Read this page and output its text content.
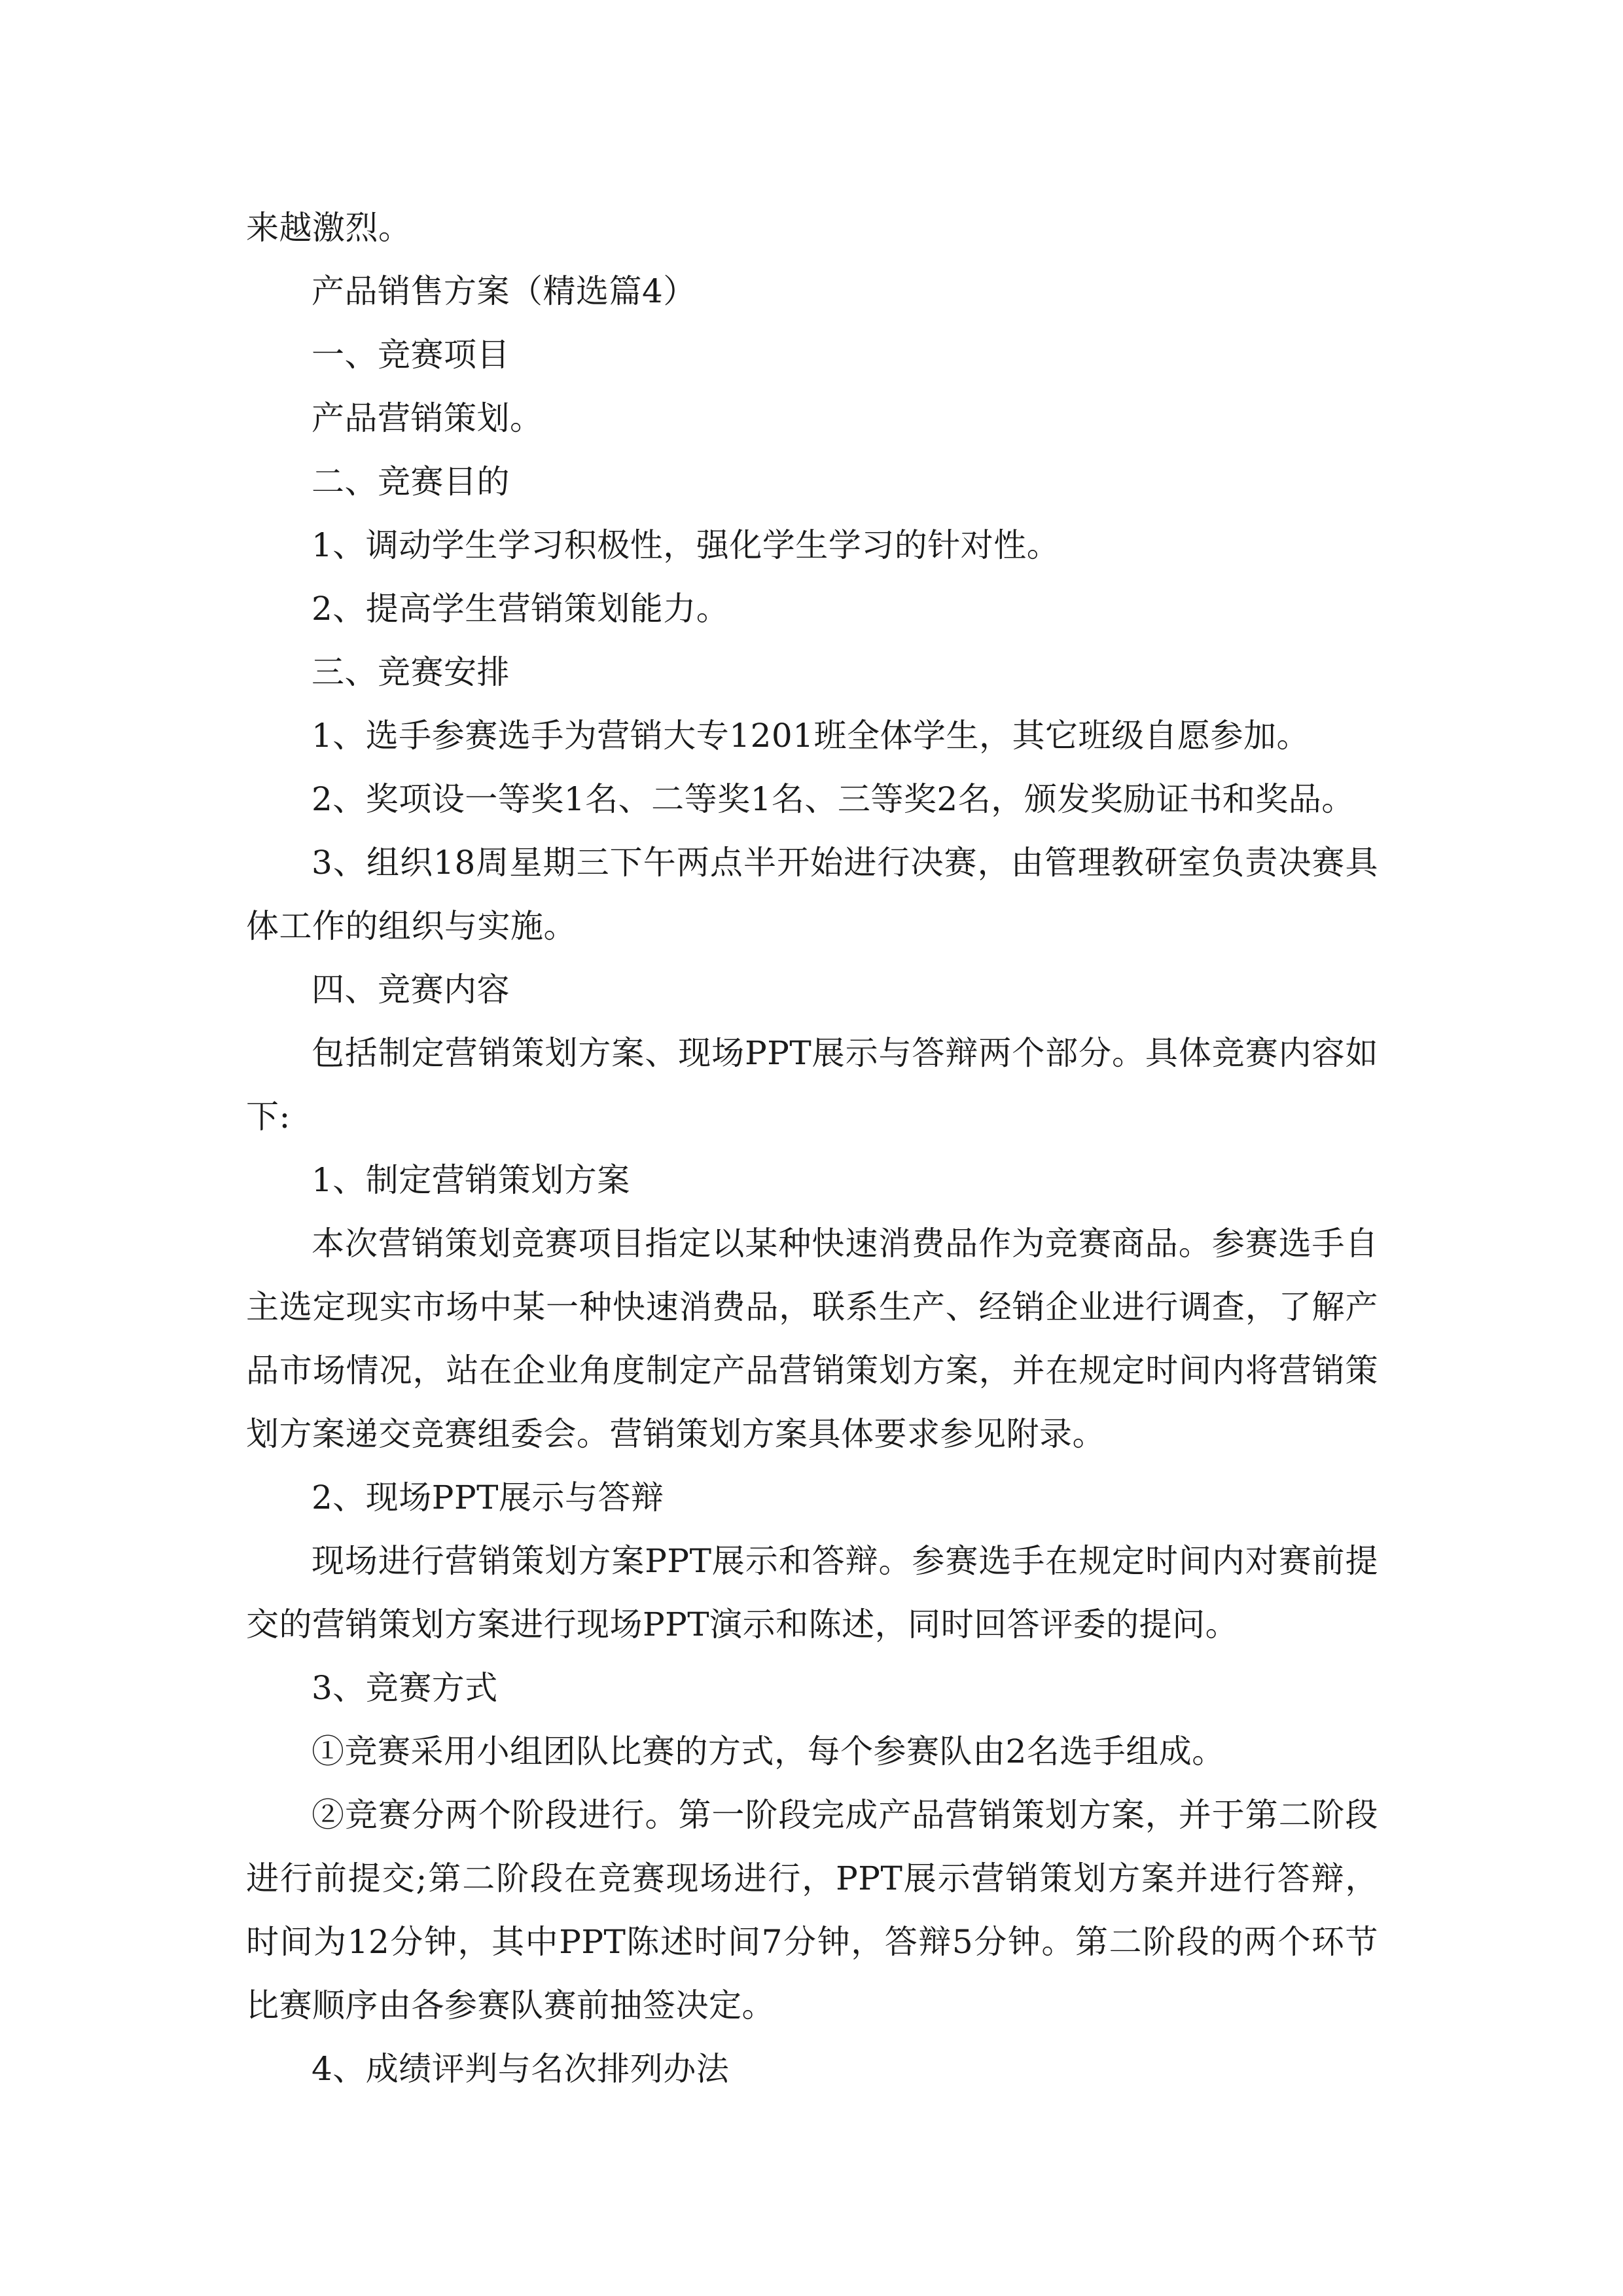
来越激烈。

产品销售方案（精选篇4）

一、竞赛项目

产品营销策划。

二、竞赛目的

1、调动学生学习积极性，强化学生学习的针对性。

2、提高学生营销策划能力。

三、竞赛安排

1、选手参赛选手为营销大专1201班全体学生，其它班级自愿参加。

2、奖项设一等奖1名、二等奖1名、三等奖2名，颁发奖励证书和奖品。

3、组织18周星期三下午两点半开始进行决赛，由管理教研室负责决赛具体工作的组织与实施。

四、竞赛内容

包括制定营销策划方案、现场PPT展示与答辩两个部分。具体竞赛内容如下:

1、制定营销策划方案

本次营销策划竞赛项目指定以某种快速消费品作为竞赛商品。参赛选手自主选定现实市场中某一种快速消费品，联系生产、经销企业进行调查，了解产品市场情况，站在企业角度制定产品营销策划方案，并在规定时间内将营销策划方案递交竞赛组委会。营销策划方案具体要求参见附录。

2、现场PPT展示与答辩

现场进行营销策划方案PPT展示和答辩。参赛选手在规定时间内对赛前提交的营销策划方案进行现场PPT演示和陈述，同时回答评委的提问。

3、竞赛方式

①竞赛采用小组团队比赛的方式，每个参赛队由2名选手组成。

②竞赛分两个阶段进行。第一阶段完成产品营销策划方案，并于第二阶段进行前提交;第二阶段在竞赛现场进行，PPT展示营销策划方案并进行答辩，时间为12分钟，其中PPT陈述时间7分钟，答辩5分钟。第二阶段的两个环节比赛顺序由各参赛队赛前抽签决定。

4、成绩评判与名次排列办法
